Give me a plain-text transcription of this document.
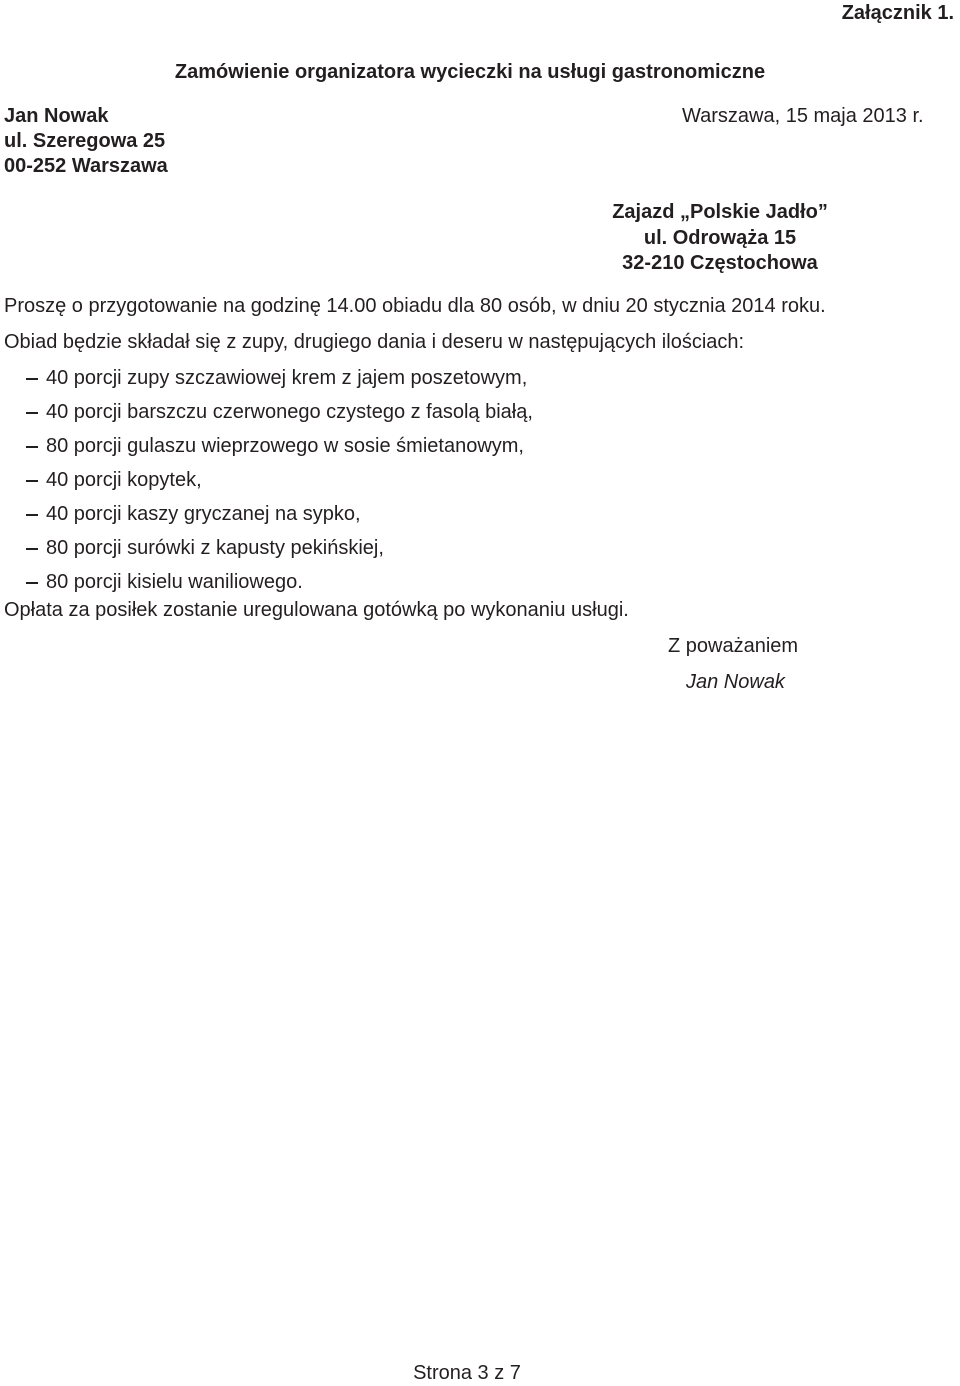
Załącznik 1.
Zamówienie organizatora wycieczki na usługi gastronomiczne
Jan Nowak
ul. Szeregowa 25
00-252 Warszawa
Warszawa, 15 maja 2013 r.
Zajazd „Polskie Jadło”
ul. Odrowąża 15
32-210 Częstochowa
Proszę o przygotowanie na godzinę 14.00 obiadu dla 80 osób, w dniu 20 stycznia 2014 roku.
Obiad będzie składał się z zupy, drugiego dania i deseru w następujących ilościach:
40 porcji zupy szczawiowej krem z jajem poszetowym,
40 porcji barszczu czerwonego czystego z fasolą białą,
80 porcji gulaszu wieprzowego w sosie śmietanowym,
40 porcji kopytek,
40 porcji kaszy gryczanej na sypko,
80 porcji surówki z kapusty pekińskiej,
80 porcji kisielu waniliowego.
Opłata za posiłek zostanie uregulowana gotówką po wykonaniu usługi.
Z poważaniem
Jan Nowak
Strona 3 z 7
